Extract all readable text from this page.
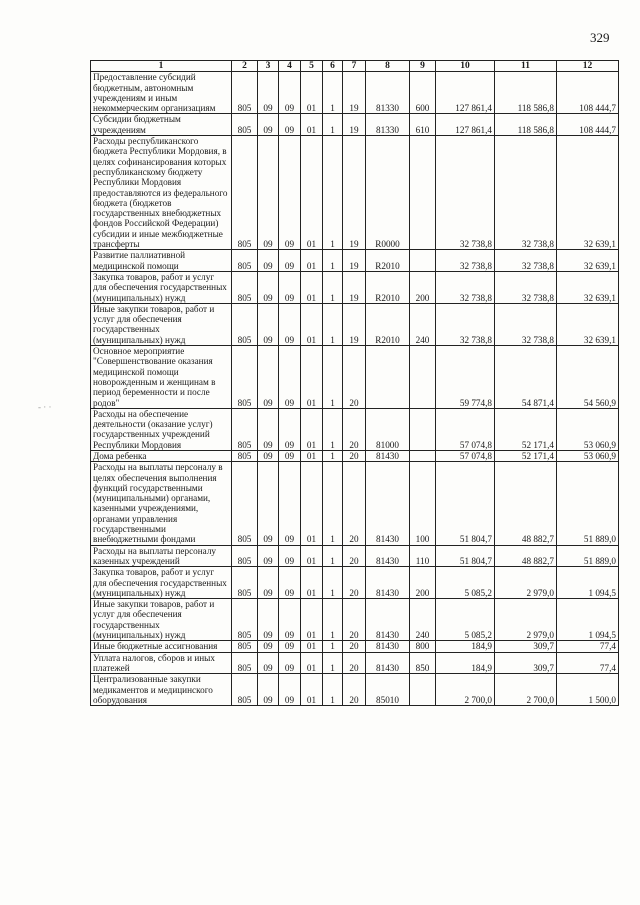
329
- · ·
1	2	3	4	5	6	7	8	9	10	11	12
Предоставление субсидий бюджетным, автономным учреждениям и иным некоммерческим организациям	805	09	09	01	1	19	81330	600	127 861,4	118 586,8	108 444,7
Субсидии бюджетным учреждениям	805	09	09	01	1	19	81330	610	127 861,4	118 586,8	108 444,7
Расходы республиканского бюджета Республики Мордовия, в целях софинансирования которых республиканскому бюджету Республики Мордовия предоставляются из федерального бюджета (бюджетов государственных внебюджетных фондов Российской Федерации) субсидии и иные межбюджетные трансферты	805	09	09	01	1	19	R0000		32 738,8	32 738,8	32 639,1
Развитие паллиативной медицинской помощи	805	09	09	01	1	19	R2010		32 738,8	32 738,8	32 639,1
Закупка товаров, работ и услуг для обеспечения государственных (муниципальных) нужд	805	09	09	01	1	19	R2010	200	32 738,8	32 738,8	32 639,1
Иные закупки товаров, работ и услуг для обеспечения государственных (муниципальных) нужд	805	09	09	01	1	19	R2010	240	32 738,8	32 738,8	32 639,1
Основное мероприятие "Совершенствование оказания медицинской помощи новорожденным и женщинам в период беременности и после родов"	805	09	09	01	1	20			59 774,8	54 871,4	54 560,9
Расходы на обеспечение деятельности (оказание услуг) государственных учреждений Республики Мордовия	805	09	09	01	1	20	81000		57 074,8	52 171,4	53 060,9
Дома ребенка	805	09	09	01	1	20	81430		57 074,8	52 171,4	53 060,9
Расходы на выплаты персоналу в целях обеспечения выполнения функций государственными (муниципальными) органами, казенными учреждениями, органами управления государственными внебюджетными фондами	805	09	09	01	1	20	81430	100	51 804,7	48 882,7	51 889,0
Расходы на выплаты персоналу казенных учреждений	805	09	09	01	1	20	81430	110	51 804,7	48 882,7	51 889,0
Закупка товаров, работ и услуг для обеспечения государственных (муниципальных) нужд	805	09	09	01	1	20	81430	200	5 085,2	2 979,0	1 094,5
Иные закупки товаров, работ и услуг для обеспечения государственных (муниципальных) нужд	805	09	09	01	1	20	81430	240	5 085,2	2 979,0	1 094,5
Иные бюджетные ассигнования	805	09	09	01	1	20	81430	800	184,9	309,7	77,4
Уплата налогов, сборов и иных платежей	805	09	09	01	1	20	81430	850	184,9	309,7	77,4
Централизованные закупки медикаментов и медицинского оборудования	805	09	09	01	1	20	85010		2 700,0	2 700,0	1 500,0
